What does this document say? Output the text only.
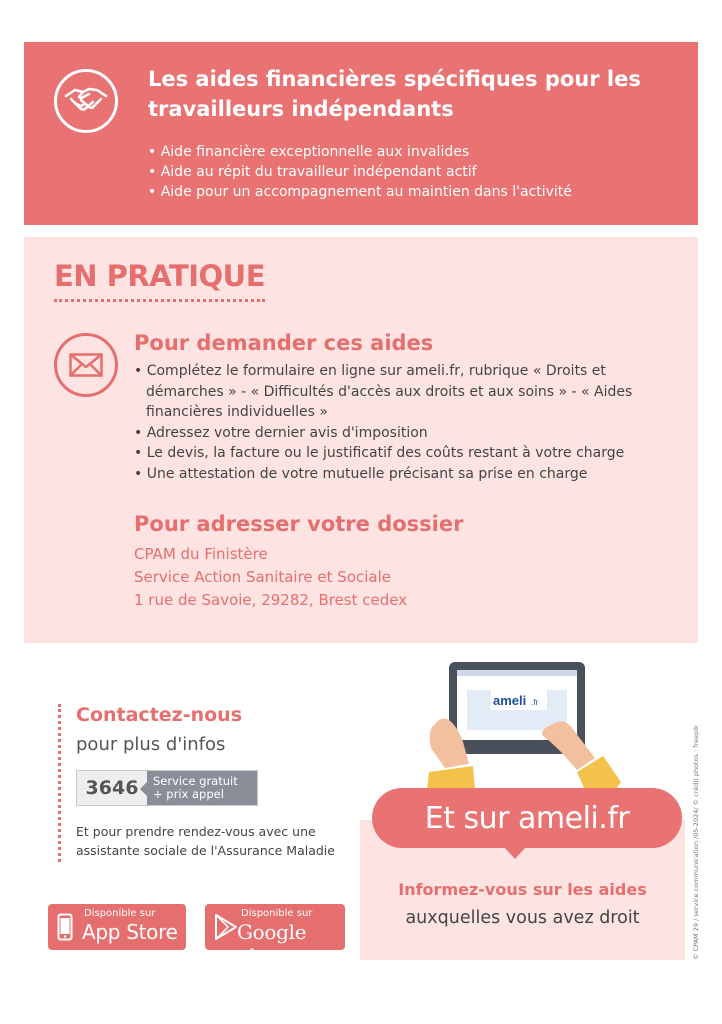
Les aides financières spécifiques pour les travailleurs indépendants
• Aide financière exceptionnelle aux invalides
• Aide au répit du travailleur indépendant actif
• Aide pour un accompagnement au maintien dans l'activité
EN PRATIQUE
Pour demander ces aides
• Complétez le formulaire en ligne sur ameli.fr, rubrique « Droits et démarches » - « Difficultés d'accès aux droits et aux soins » - « Aides financières individuelles »
• Adressez votre dernier avis d'imposition
• Le devis, la facture ou le justificatif des coûts restant à votre charge
• Une attestation de votre mutuelle précisant sa prise en charge
Pour adresser votre dossier
CPAM du Finistère
Service Action Sanitaire et Sociale
1 rue de Savoie, 29282, Brest cedex
Contactez-nous
pour plus d'infos
3646	Service gratuit
+ prix appel

Et pour prendre rendez-vous avec une assistante sociale de l'Assurance Maladie

Disponible sur
App Store
Disponible sur
Google play
ameli .fr
Et sur ameli.fr
Informez-vous sur les aides
auxquelles vous avez droit	© CPAM 29 / service communication /05-2024/ © crédit photos : freepik
